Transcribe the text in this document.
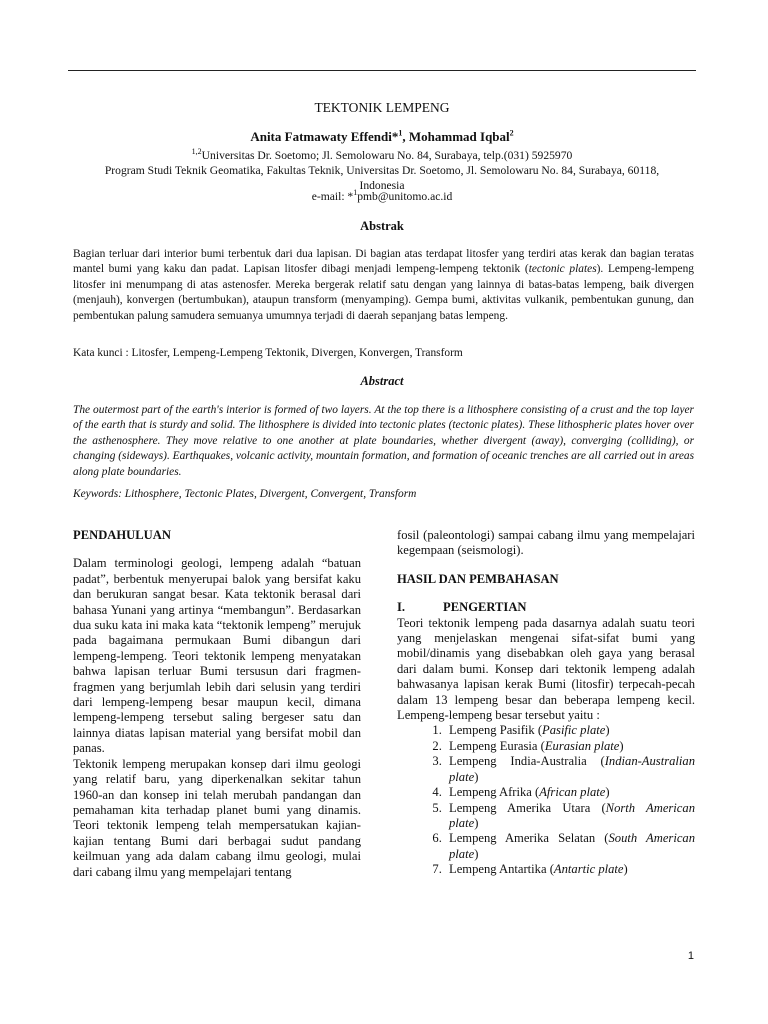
TEKTONIK LEMPENG
Anita Fatmawaty Effendi*$^1$, Mohammad Iqbal$^2$
$^{1,2}$Universitas Dr. Soetomo; Jl. Semolowaru No. 84, Surabaya, telp.(031) 5925970
Program Studi Teknik Geomatika, Fakultas Teknik, Universitas Dr. Soetomo, Jl. Semolowaru No. 84, Surabaya, 60118,
Indonesia
e-mail: *$^1$pmb@unitomo.ac.id
Abstrak
Bagian terluar dari interior bumi terbentuk dari dua lapisan. Di bagian atas terdapat litosfer yang terdiri atas kerak dan bagian teratas mantel bumi yang kaku dan padat. Lapisan litosfer dibagi menjadi lempeng-lempeng tektonik (tectonic plates). Lempeng-lempeng litosfer ini menumpang di atas astenosfer. Mereka bergerak relatif satu dengan yang lainnya di batas-batas lempeng, baik divergen (menjauh), konvergen (bertumbukan), ataupun transform (menyamping). Gempa bumi, aktivitas vulkanik, pembentukan gunung, dan pembentukan palung samudera semuanya umumnya terjadi di daerah sepanjang batas lempeng.
Kata kunci : Litosfer, Lempeng-Lempeng Tektonik, Divergen, Konvergen, Transform
Abstract
The outermost part of the earth's interior is formed of two layers. At the top there is a lithosphere consisting of a crust and the top layer of the earth that is sturdy and solid. The lithosphere is divided into tectonic plates (tectonic plates). These lithospheric plates hover over the asthenosphere. They move relative to one another at plate boundaries, whether divergent (away), converging (colliding), or changing (sideways). Earthquakes, volcanic activity, mountain formation, and formation of oceanic trenches are all carried out in areas along plate boundaries.
Keywords: Lithosphere, Tectonic Plates, Divergent, Convergent, Transform

PENDAHULUAN

Dalam terminologi geologi, lempeng adalah “batuan padat”, berbentuk menyerupai balok yang bersifat kaku dan berukuran sangat besar. Kata tektonik berasal dari bahasa Yunani yang artinya “membangun”. Berdasarkan dua suku kata ini maka kata “tektonik lempeng” merujuk pada bagaimana permukaan Bumi dibangun dari lempeng-lempeng. Teori tektonik lempeng menyatakan bahwa lapisan terluar Bumi tersusun dari fragmen-fragmen yang berjumlah lebih dari selusin yang terdiri dari lempeng-lempeng besar maupun kecil, dimana lempeng-lempeng tersebut saling bergeser satu dan lainnya diatas lapisan material yang bersifat mobil dan panas.

Tektonik lempeng merupakan konsep dari ilmu geologi yang relatif baru, yang diperkenalkan sekitar tahun 1960-an dan konsep ini telah merubah pandangan dan pemahaman kita terhadap planet bumi yang dinamis. Teori tektonik lempeng telah mempersatukan kajian-kajian tentang Bumi dari berbagai sudut pandang keilmuan yang ada dalam cabang ilmu geologi, mulai dari cabang ilmu yang mempelajari tentang

fosil (paleontologi) sampai cabang ilmu yang mempelajari kegempaan (seismologi).

HASIL DAN PEMBAHASAN

I.	PENGERTIAN

Teori tektonik lempeng pada dasarnya adalah suatu teori yang menjelaskan mengenai sifat-sifat bumi yang mobil/dinamis yang disebabkan oleh gaya yang berasal dari dalam bumi. Konsep dari tektonik lempeng adalah bahwasanya lapisan kerak Bumi (litosfir) terpecah-pecah dalam 13 lempeng besar dan beberapa lempeng kecil. Lempeng-lempeng besar tersebut yaitu :

1. Lempeng Pasifik (Pasific plate)
2. Lempeng Eurasia (Eurasian plate)
3. Lempeng India-Australia (Indian-Australian plate)
4. Lempeng Afrika (African plate)
5. Lempeng Amerika Utara (North American plate)
6. Lempeng Amerika Selatan (South American plate)
7. Lempeng Antartika (Antartic plate)
1
